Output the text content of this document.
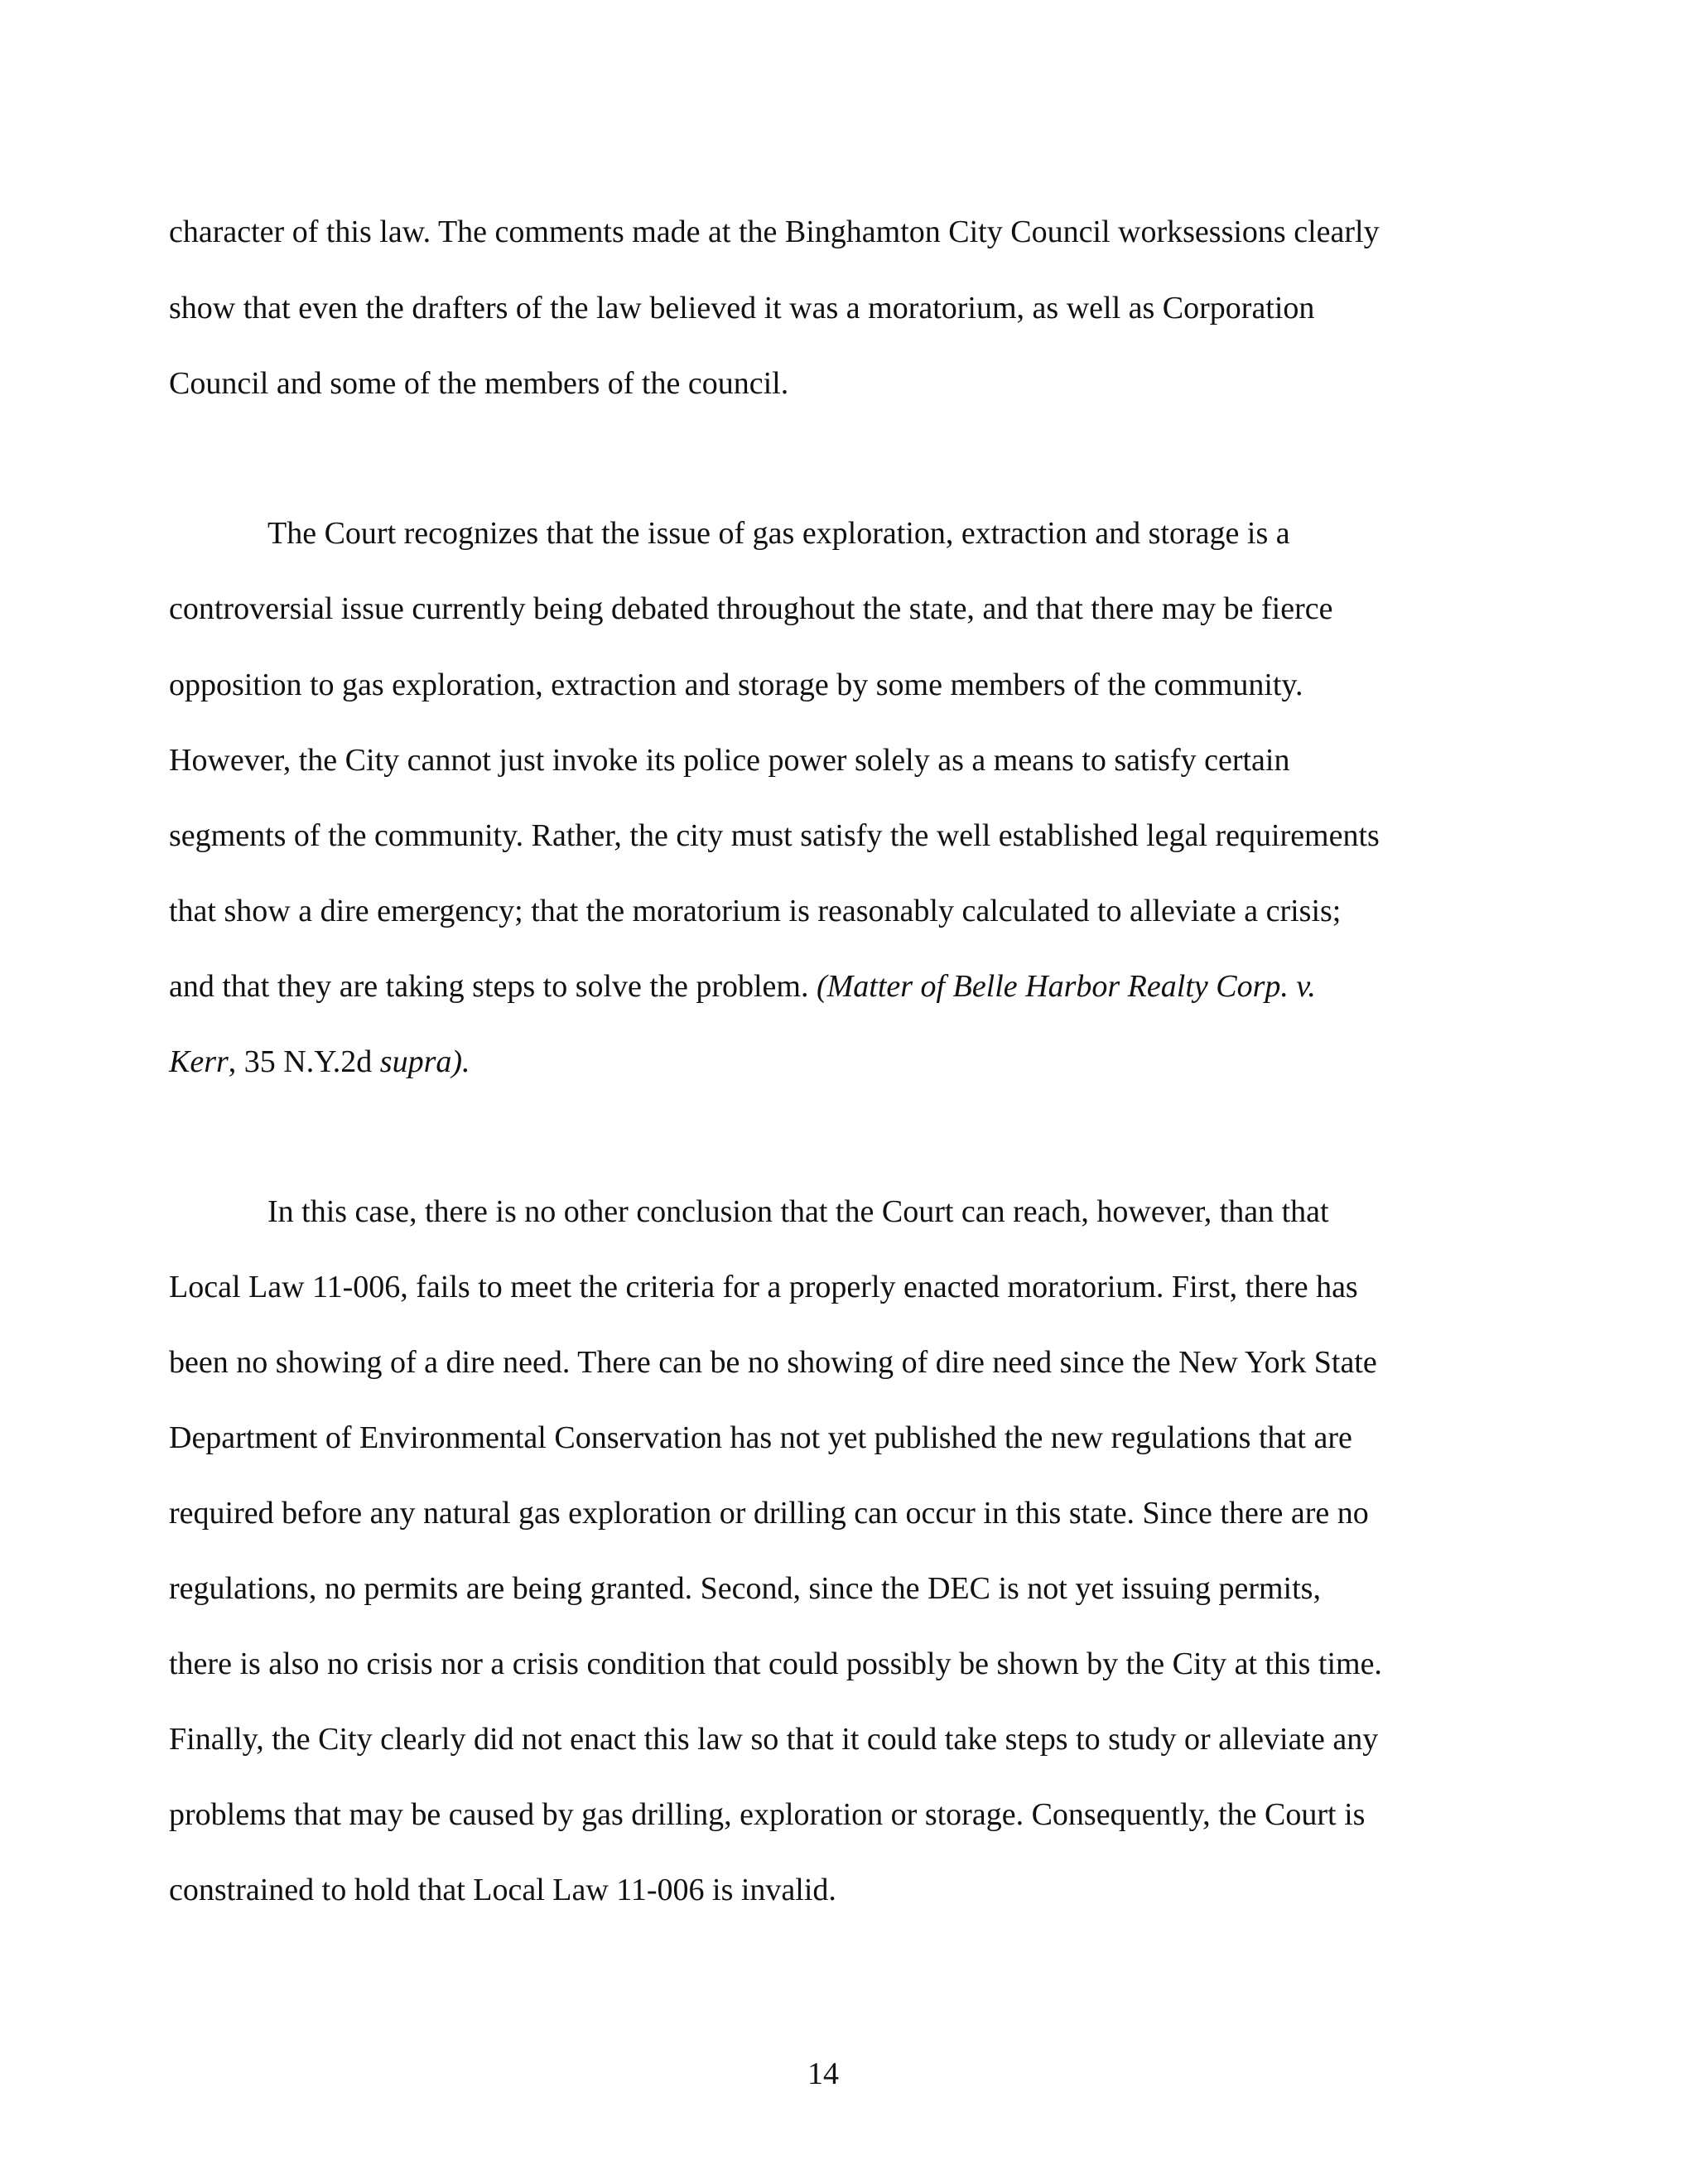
character of this law. The comments made at the Binghamton City Council worksessions clearly
show that even the drafters of the law believed it was a moratorium, as well as Corporation
Council and some of the members of the council.
The Court recognizes that the issue of gas exploration, extraction and storage is a
controversial issue currently being debated throughout the state, and that there may be fierce
opposition to gas exploration, extraction and storage by some members of the community.
However, the City cannot just invoke its police power solely as a means to satisfy certain
segments of the community. Rather, the city must satisfy the well established legal requirements
that show a dire emergency; that the moratorium is reasonably calculated to alleviate a crisis;
and that they are taking steps to solve the problem. (Matter of Belle Harbor Realty Corp. v.
Kerr, 35 N.Y.2d supra).
In this case, there is no other conclusion that the Court can reach, however, than that
Local Law 11-006, fails to meet the criteria for a properly enacted moratorium. First, there has
been no showing of a dire need. There can be no showing of dire need since the New York State
Department of Environmental Conservation has not yet published the new regulations that are
required before any natural gas exploration or drilling can occur in this state. Since there are no
regulations, no permits are being granted. Second, since the DEC is not yet issuing permits,
there is also no crisis nor a crisis condition that could possibly be shown by the City at this time.
Finally, the City clearly did not enact this law so that it could take steps to study or alleviate any
problems that may be caused by gas drilling, exploration or storage. Consequently, the Court is
constrained to hold that Local Law 11-006 is invalid.
14
